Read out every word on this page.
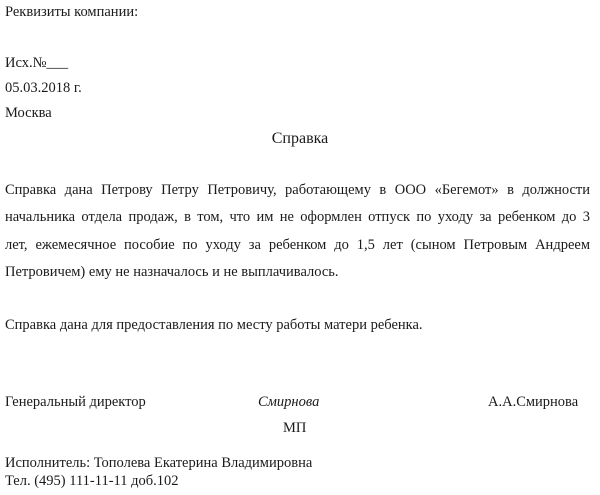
Реквизиты компании:
Исх.№___
05.03.2018 г.
Москва
Справка
Справка дана Петрову Петру Петровичу, работающему в ООО «Бегемот» в должности
начальника отдела продаж, в том, что им не оформлен отпуск по уходу за ребенком до 3
лет, ежемесячное пособие по уходу за ребенком до 1,5 лет (сыном Петровым Андреем
Петровичем) ему не назначалось и не выплачивалось.
Справка дана для предоставления по месту работы матери ребенка.
Генеральный директор	Смирнова	А.А.Смирнова
МП
Исполнитель: Тополева Екатерина Владимировна
Тел. (495) 111-11-11 доб.102
